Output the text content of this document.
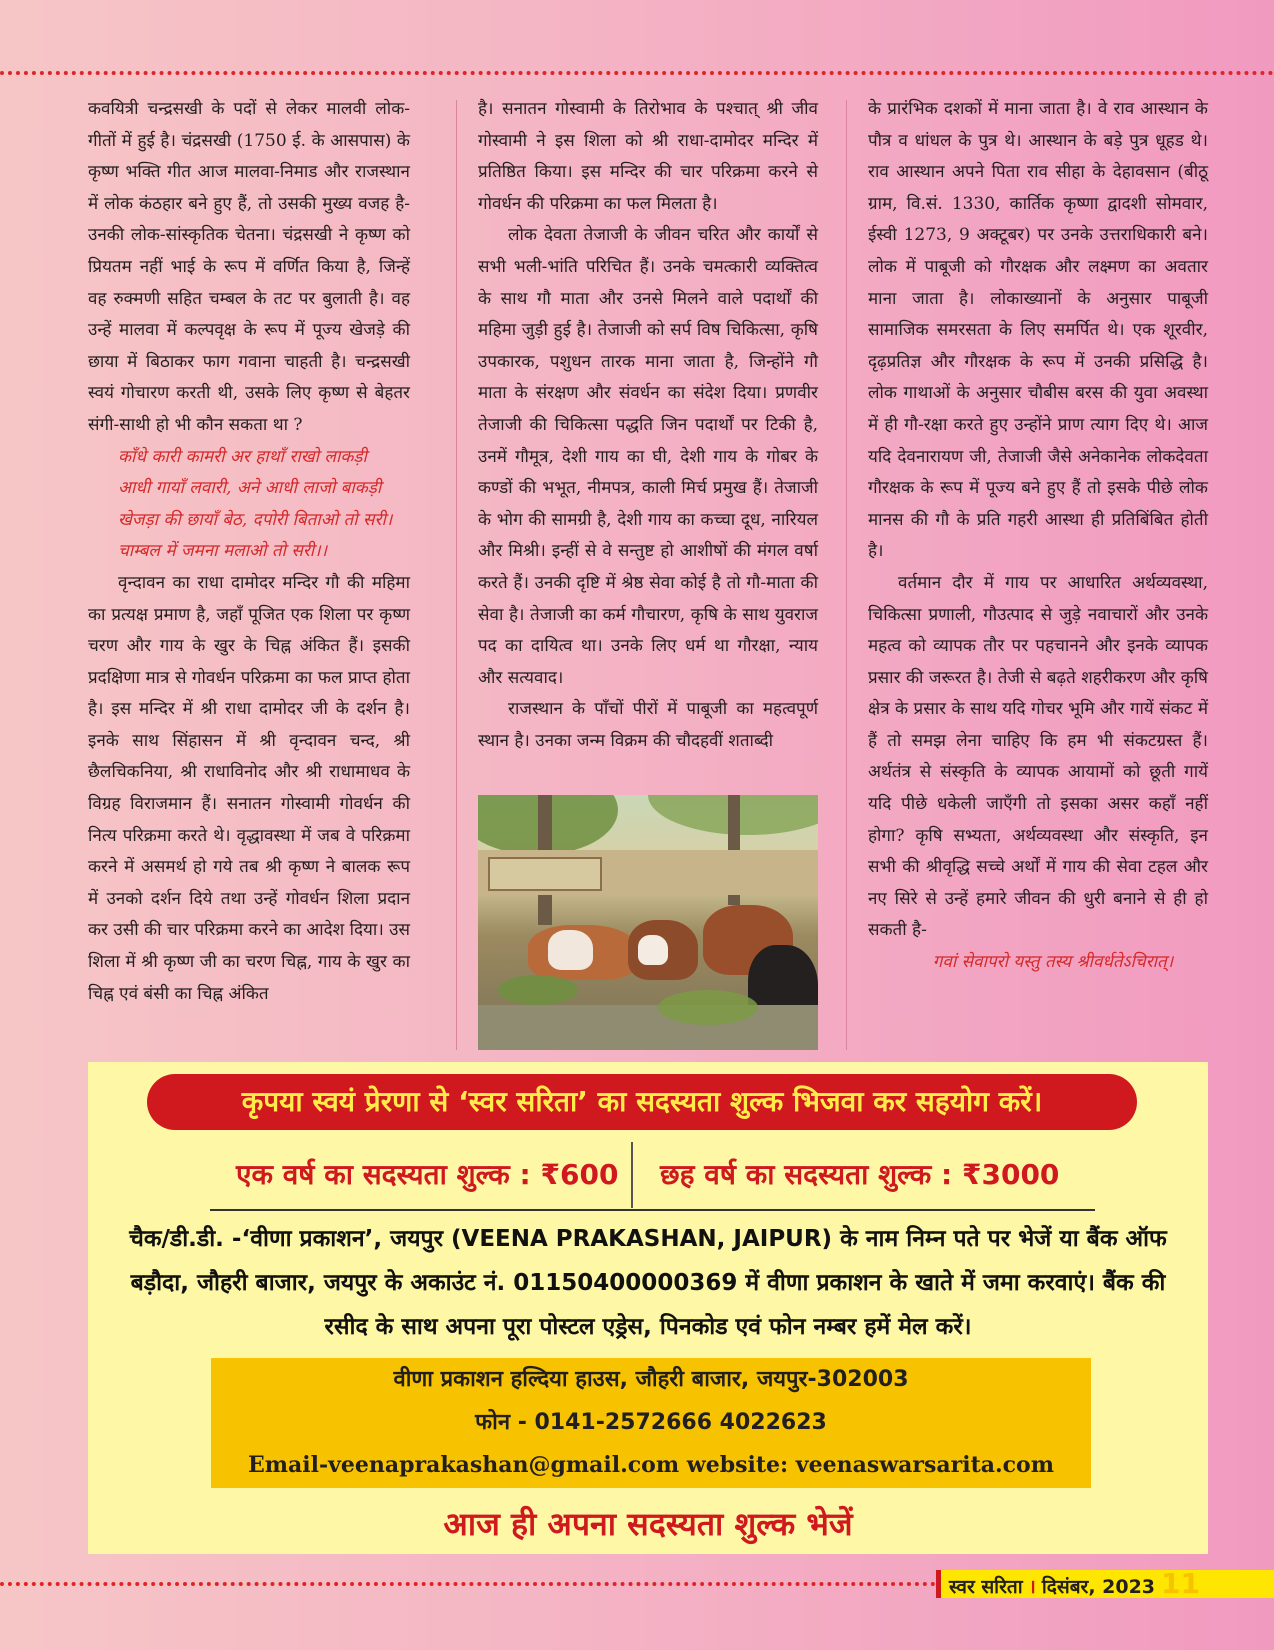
कवयित्री चन्द्रसखी के पदों से लेकर मालवी लोक-गीतों में हुई है। चंद्रसखी (1750 ई. के आसपास) के कृष्ण भक्ति गीत आज मालवा-निमाड और राजस्थान में लोक कंठहार बने हुए हैं, तो उसकी मुख्य वजह है- उनकी लोक-सांस्कृतिक चेतना। चंद्रसखी ने कृष्ण को प्रियतम नहीं भाई के रूप में वर्णित किया है, जिन्हें वह रुक्मणी सहित चम्बल के तट पर बुलाती है। वह उन्हें मालवा में कल्पवृक्ष के रूप में पूज्य खेजड़े की छाया में बिठाकर फाग गवाना चाहती है। चन्द्रसखी स्वयं गोचारण करती थी, उसके लिए कृष्ण से बेहतर संगी-साथी हो भी कौन सकता था ?

काँधे कारी कामरी अर हाथाँ राखो लाकड़ी
आधी गायाँ लवारी, अने आधी लाजो बाकड़ी
खेजड़ा की छायाँ बेठ, दपोरी बिताओ तो सरी।
चाम्बल में जमना मलाओ तो सरी।।

वृन्दावन का राधा दामोदर मन्दिर गौ की महिमा का प्रत्यक्ष प्रमाण है, जहाँ पूजित एक शिला पर कृष्ण चरण और गाय के खुर के चिह्न अंकित हैं। इसकी प्रदक्षिणा मात्र से गोवर्धन परिक्रमा का फल प्राप्त होता है। इस मन्दिर में श्री राधा दामोदर जी के दर्शन है। इनके साथ सिंहासन में श्री वृन्दावन चन्द, श्री छैलचिकनिया, श्री राधाविनोद और श्री राधामाधव के विग्रह विराजमान हैं। सनातन गोस्वामी गोवर्धन की नित्य परिक्रमा करते थे। वृद्धावस्था में जब वे परिक्रमा करने में असमर्थ हो गये तब श्री कृष्ण ने बालक रूप में उनको दर्शन दिये तथा उन्हें गोवर्धन शिला प्रदान कर उसी की चार परिक्रमा करने का आदेश दिया। उस शिला में श्री कृष्ण जी का चरण चिह्न, गाय के खुर का चिह्न एवं बंसी का चिह्न अंकित

है। सनातन गोस्वामी के तिरोभाव के पश्चात् श्री जीव गोस्वामी ने इस शिला को श्री राधा-दामोदर मन्दिर में प्रतिष्ठित किया। इस मन्दिर की चार परिक्रमा करने से गोवर्धन की परिक्रमा का फल मिलता है।

लोक देवता तेजाजी के जीवन चरित और कार्यों से सभी भली-भांति परिचित हैं। उनके चमत्कारी व्यक्तित्व के साथ गौ माता और उनसे मिलने वाले पदार्थों की महिमा जुड़ी हुई है। तेजाजी को सर्प विष चिकित्सा, कृषि उपकारक, पशुधन तारक माना जाता है, जिन्होंने गौ माता के संरक्षण और संवर्धन का संदेश दिया। प्रणवीर तेजाजी की चिकित्सा पद्धति जिन पदार्थों पर टिकी है, उनमें गौमूत्र, देशी गाय का घी, देशी गाय के गोबर के कण्डों की भभूत, नीमपत्र, काली मिर्च प्रमुख हैं। तेजाजी के भोग की सामग्री है, देशी गाय का कच्चा दूध, नारियल और मिश्री। इन्हीं से वे सन्तुष्ट हो आशीषों की मंगल वर्षा करते हैं। उनकी दृष्टि में श्रेष्ठ सेवा कोई है तो गौ-माता की सेवा है। तेजाजी का कर्म गौचारण, कृषि के साथ युवराज पद का दायित्व था। उनके लिए धर्म था गौरक्षा, न्याय और सत्यवाद।

राजस्थान के पाँचों पीरों में पाबूजी का महत्वपूर्ण स्थान है। उनका जन्म विक्रम की चौदहवीं शताब्दी

के प्रारंभिक दशकों में माना जाता है। वे राव आस्थान के पौत्र व धांधल के पुत्र थे। आस्थान के बड़े पुत्र धूहड थे। राव आस्थान अपने पिता राव सीहा के देहावसान (बीठू ग्राम, वि.सं. 1330, कार्तिक कृष्णा द्वादशी सोमवार, ईस्वी 1273, 9 अक्टूबर) पर उनके उत्तराधिकारी बने। लोक में पाबूजी को गौरक्षक और लक्ष्मण का अवतार माना जाता है। लोकाख्यानों के अनुसार पाबूजी सामाजिक समरसता के लिए समर्पित थे। एक शूरवीर, दृढ़प्रतिज्ञ और गौरक्षक के रूप में उनकी प्रसिद्धि है। लोक गाथाओं के अनुसार चौबीस बरस की युवा अवस्था में ही गौ-रक्षा करते हुए उन्होंने प्राण त्याग दिए थे। आज यदि देवनारायण जी, तेजाजी जैसे अनेकानेक लोकदेवता गौरक्षक के रूप में पूज्य बने हुए हैं तो इसके पीछे लोक मानस की गौ के प्रति गहरी आस्था ही प्रतिबिंबित होती है।

वर्तमान दौर में गाय पर आधारित अर्थव्यवस्था, चिकित्सा प्रणाली, गौउत्पाद से जुड़े नवाचारों और उनके महत्व को व्यापक तौर पर पहचानने और इनके व्यापक प्रसार की जरूरत है। तेजी से बढ़ते शहरीकरण और कृषि क्षेत्र के प्रसार के साथ यदि गोचर भूमि और गायें संकट में हैं तो समझ लेना चाहिए कि हम भी संकटग्रस्त हैं। अर्थतंत्र से संस्कृति के व्यापक आयामों को छूती गायें यदि पीछे धकेली जाएँगी तो इसका असर कहाँ नहीं होगा? कृषि सभ्यता, अर्थव्यवस्था और संस्कृति, इन सभी की श्रीवृद्धि सच्चे अर्थों में गाय की सेवा टहल और नए सिरे से उन्हें हमारे जीवन की धुरी बनाने से ही हो सकती है-

गवां सेवापरो यस्तु तस्य श्रीवर्धतेऽचिरात्।

कृपया स्वयं प्रेरणा से ‘स्वर सरिता’ का सदस्यता शुल्क भिजवा कर सहयोग करें।
एक वर्ष का सदस्यता शुल्क : ₹600 छह वर्ष का सदस्यता शुल्क : ₹3000
चैक/डी.डी. -‘वीणा प्रकाशन’, जयपुर (VEENA PRAKASHAN, JAIPUR) के नाम निम्न पते पर भेजें या बैंक ऑफ बड़ौदा, जौहरी बाजार, जयपुर के अकाउंट नं. 01150400000369 में वीणा प्रकाशन के खाते में जमा करवाएं। बैंक की रसीद के साथ अपना पूरा पोस्टल एड्रेस, पिनकोड एवं फोन नम्बर हमें मेल करें।
वीणा प्रकाशन हल्दिया हाउस, जौहरी बाजार, जयपुर-302003
फोन - 0141-2572666 4022623
Email-veenaprakashan@gmail.com website: veenaswarsarita.com
आज ही अपना सदस्यता शुल्क भेजें
स्वर सरिता । दिसंबर, 2023 11
